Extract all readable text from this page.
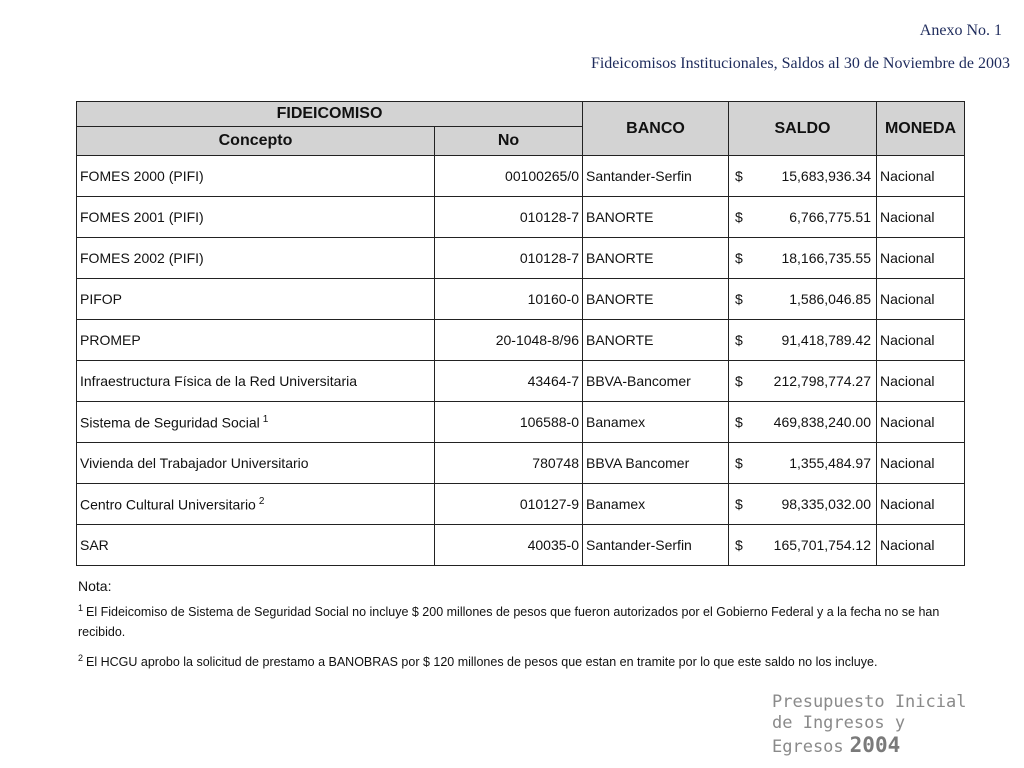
Anexo No. 1
Fideicomisos Institucionales, Saldos al 30 de Noviembre de 2003
FIDEICOMISO		BANCO	SALDO	MONEDA
Concepto	No			
FOMES 2000 (PIFI)	00100265/0	Santander-Serfin	$ 15,683,936.34	Nacional
FOMES 2001 (PIFI)	010128-7	BANORTE	$ 6,766,775.51	Nacional
FOMES 2002 (PIFI)	010128-7	BANORTE	$ 18,166,735.55	Nacional
PIFOP	10160-0	BANORTE	$ 1,586,046.85	Nacional
PROMEP	20-1048-8/96	BANORTE	$ 91,418,789.42	Nacional
Infraestructura Física de la Red Universitaria	43464-7	BBVA-Bancomer	$ 212,798,774.27	Nacional
Sistema de Seguridad Social $^1$	106588-0	Banamex	$ 469,838,240.00	Nacional
Vivienda del Trabajador Universitario	780748	BBVA Bancomer	$ 1,355,484.97	Nacional
Centro Cultural Universitario $^2$	010127-9	Banamex	$ 98,335,032.00	Nacional
SAR	40035-0	Santander-Serfin	$ 165,701,754.12	Nacional
Nota:
$^1$ El Fideicomiso de Sistema de Seguridad Social no incluye $ 200 millones de pesos que fueron autorizados por el Gobierno Federal y a la fecha no se han recibido.
$^2$ El HCGU aprobo la solicitud de prestamo a BANOBRAS por $ 120 millones de pesos que estan en tramite por lo que este saldo no los incluye.
Presupuesto Inicial
de Ingresos y Egresos 2004
